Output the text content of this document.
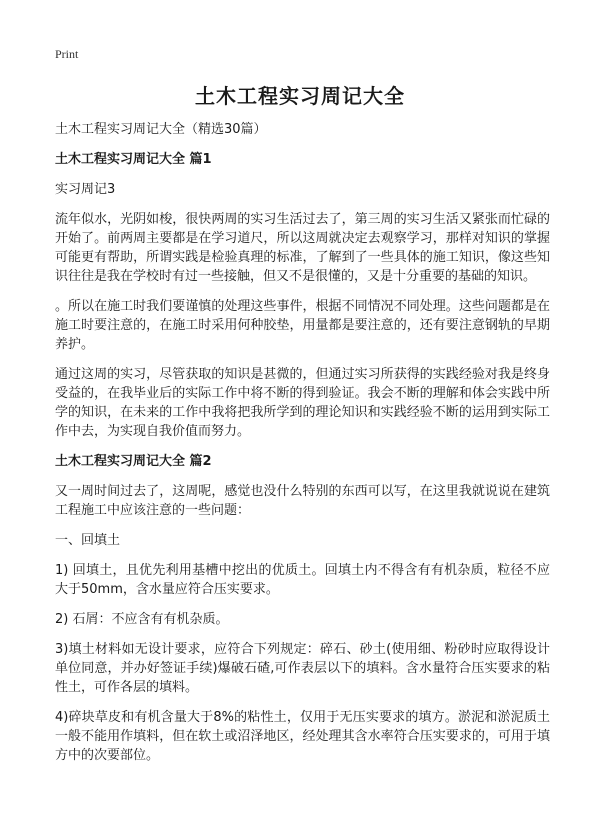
Print
土木工程实习周记大全

土木工程实习周记大全（精选30篇）

土木工程实习周记大全 篇1

实习周记3

流年似水，光阴如梭，很快两周的实习生活过去了，第三周的实习生活又紧张而忙碌的开始了。前两周主要都是在学习道尺，所以这周就决定去观察学习，那样对知识的掌握可能更有帮助，所谓实践是检验真理的标准，了解到了一些具体的施工知识，像这些知识往往是我在学校时有过一些接触，但又不是很懂的，又是十分重要的基础的知识。

。所以在施工时我们要谨慎的处理这些事件，根据不同情况不同处理。这些问题都是在施工时要注意的，在施工时采用何种胶垫，用量都是要注意的，还有要注意钢轨的早期养护。

通过这周的实习，尽管获取的知识是甚微的，但通过实习所获得的实践经验对我是终身受益的，在我毕业后的实际工作中将不断的得到验证。我会不断的理解和体会实践中所学的知识，在未来的工作中我将把我所学到的理论知识和实践经验不断的运用到实际工作中去，为实现自我价值而努力。

土木工程实习周记大全 篇2

又一周时间过去了，这周呢，感觉也没什么特别的东西可以写，在这里我就说说在建筑工程施工中应该注意的一些问题：

一、回填土

1) 回填土，且优先利用基槽中挖出的优质土。回填土内不得含有有机杂质，粒径不应大于50mm，含水量应符合压实要求。

2) 石屑：不应含有有机杂质。

3)填土材料如无设计要求，应符合下列规定：碎石、砂土(使用细、粉砂时应取得设计单位同意，并办好签证手续)爆破石碴,可作表层以下的填料。含水量符合压实要求的粘性土，可作各层的填料。

4)碎块草皮和有机含量大于8%的粘性土，仅用于无压实要求的填方。淤泥和淤泥质土一般不能用作填料，但在软土或沼泽地区，经处理其含水率符合压实要求的，可用于填方中的次要部位。
